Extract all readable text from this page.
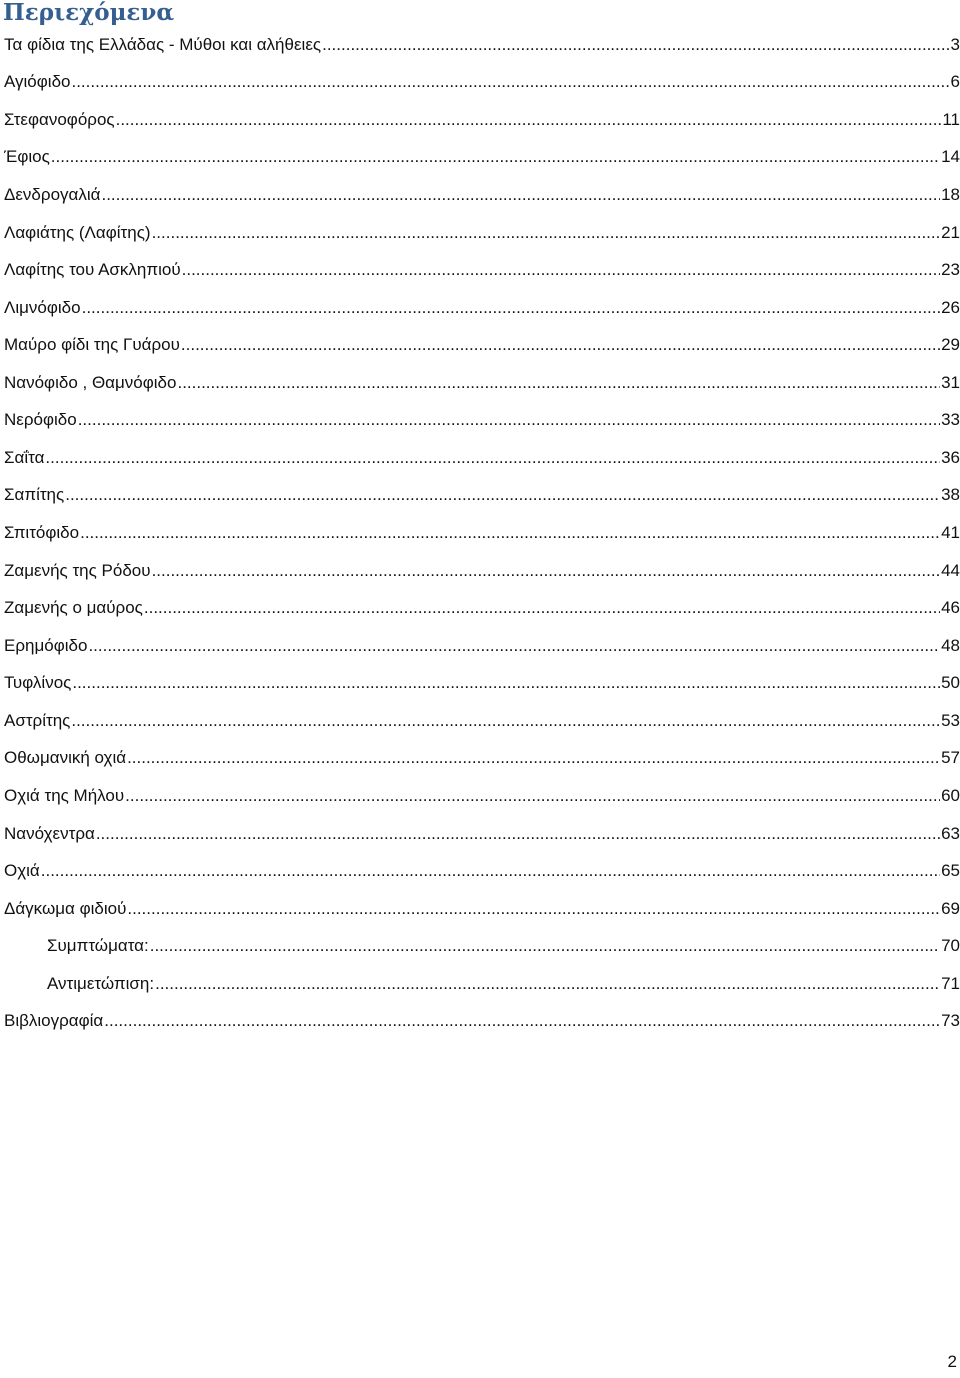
Περιεχόμενα
Τα φίδια της Ελλάδας - Μύθοι και αλήθειες .....	3
Αγιόφιδο .....	6
Στεφανοφόρος .....	11
Έφιος .....	14
Δενδρογαλιά .....	18
Λαφιάτης (Λαφίτης) .....	21
Λαφίτης του Ασκληπιού .....	23
Λιμνόφιδο .....	26
Μαύρο φίδι της Γυάρου .....	29
Νανόφιδο , Θαμνόφιδο .....	31
Νερόφιδο .....	33
Σαΐτα .....	36
Σαπίτης .....	38
Σπιτόφιδο .....	41
Ζαμενής της Ρόδου .....	44
Ζαμενής ο μαύρος .....	46
Ερημόφιδο .....	48
Τυφλίνος .....	50
Αστρίτης .....	53
Οθωμανική οχιά .....	57
Οχιά της Μήλου .....	60
Νανόχεντρα .....	63
Οχιά .....	65
Δάγκωμα φιδιού .....	69
Συμπτώματα: .....	70
Αντιμετώπιση: .....	71
Βιβλιογραφία .....	73
2
